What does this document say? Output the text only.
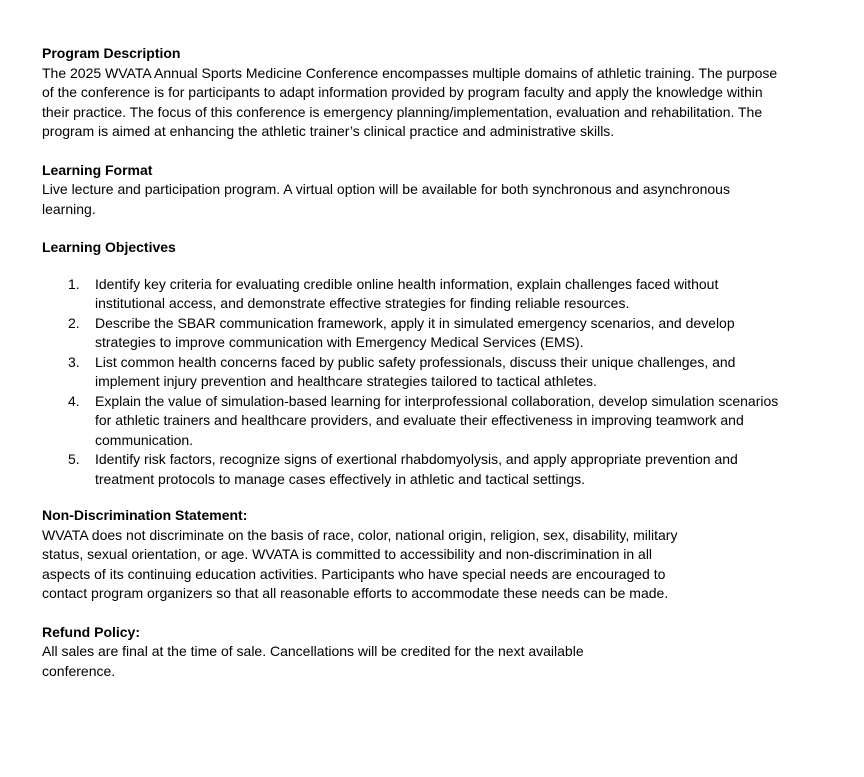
Program Description
The 2025 WVATA Annual Sports Medicine Conference encompasses multiple domains of athletic training. The purpose
of the conference is for participants to adapt information provided by program faculty and apply the knowledge within
their practice. The focus of this conference is emergency planning/implementation, evaluation and rehabilitation. The
program is aimed at enhancing the athletic trainer’s clinical practice and administrative skills.
Learning Format
Live lecture and participation program. A virtual option will be available for both synchronous and asynchronous
learning.
Learning Objectives
1. Identify key criteria for evaluating credible online health information, explain challenges faced without
institutional access, and demonstrate effective strategies for finding reliable resources.
2. Describe the SBAR communication framework, apply it in simulated emergency scenarios, and develop
strategies to improve communication with Emergency Medical Services (EMS).
3. List common health concerns faced by public safety professionals, discuss their unique challenges, and
implement injury prevention and healthcare strategies tailored to tactical athletes.
4. Explain the value of simulation-based learning for interprofessional collaboration, develop simulation scenarios
for athletic trainers and healthcare providers, and evaluate their effectiveness in improving teamwork and
communication.
5. Identify risk factors, recognize signs of exertional rhabdomyolysis, and apply appropriate prevention and
treatment protocols to manage cases effectively in athletic and tactical settings.
Non-Discrimination Statement:
WVATA does not discriminate on the basis of race, color, national origin, religion, sex, disability, military
status, sexual orientation, or age. WVATA is committed to accessibility and non-discrimination in all
aspects of its continuing education activities. Participants who have special needs are encouraged to
contact program organizers so that all reasonable efforts to accommodate these needs can be made.
Refund Policy:
All sales are final at the time of sale. Cancellations will be credited for the next available
conference.
